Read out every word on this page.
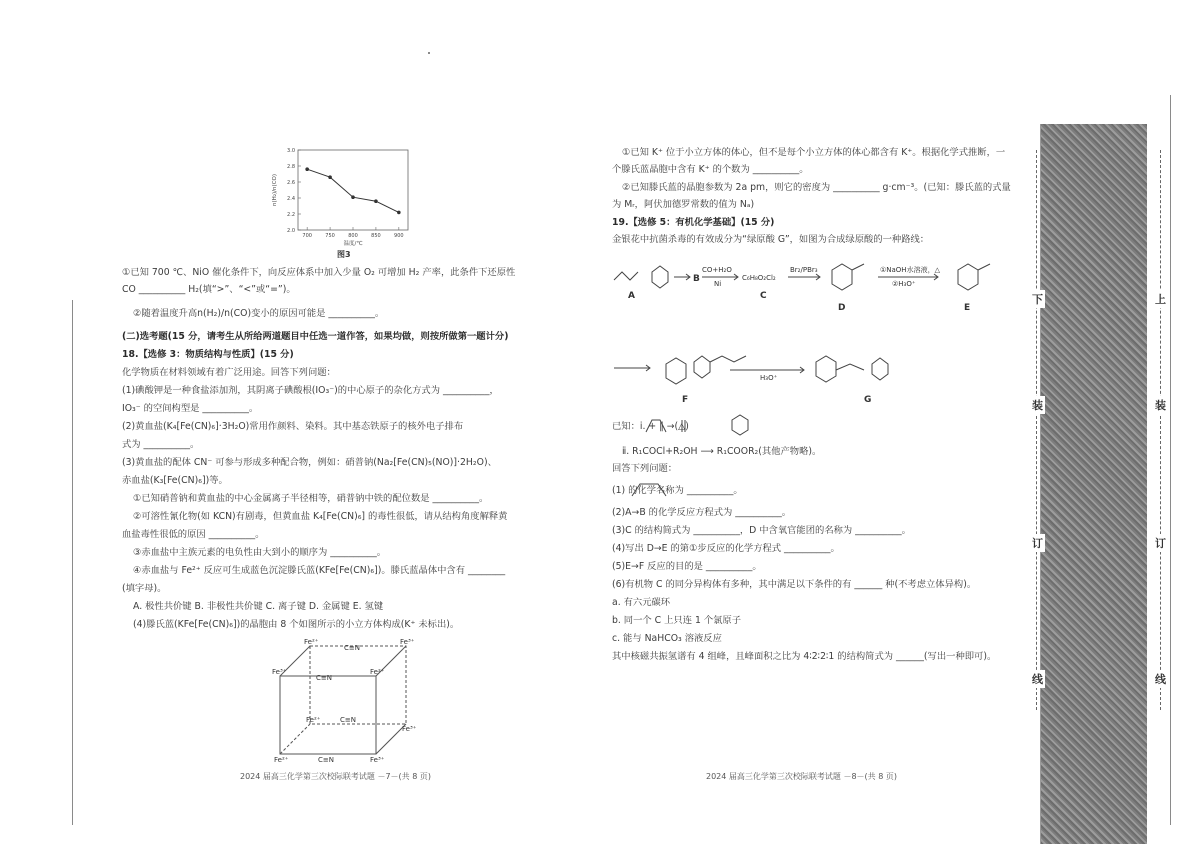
2.0
2.2
2.4
2.6
2.8
3.0
700	750	800	850	900
温度/℃
n(H₂)/n(CO)
图3
①已知 700 ℃、NiO 催化条件下，向反应体系中加入少量 O₂ 可增加 H₂ 产率，此条件下还原性
CO __________ H₂(填“>”、“<”或“=”)。
②随着温度升高n(H₂)/n(CO)变小的原因可能是 __________。
(二)选考题(15 分，请考生从所给两道题目中任选一道作答，如果均做，则按所做第一题计分)
18.【选修 3：物质结构与性质】(15 分)
化学物质在材料领域有着广泛用途。回答下列问题：
(1)碘酸钾是一种食盐添加剂，其阴离子碘酸根(IO₃⁻)的中心原子的杂化方式为 __________，
IO₃⁻ 的空间构型是 __________。
(2)黄血盐(K₄[Fe(CN)₆]·3H₂O)常用作颜料、染料。其中基态铁原子的核外电子排布
式为 __________。
(3)黄血盐的配体 CN⁻ 可参与形成多种配合物，例如：硝普钠(Na₂[Fe(CN)₅(NO)]·2H₂O)、
赤血盐(K₃[Fe(CN)₆])等。
①已知硝普钠和黄血盐的中心金属离子半径相等，硝普钠中铁的配位数是 __________。
②可溶性氰化物(如 KCN)有剧毒，但黄血盐 K₄[Fe(CN)₆] 的毒性很低，请从结构角度解释黄
血盐毒性很低的原因 __________。
③赤血盐中主族元素的电负性由大到小的顺序为 __________。
④赤血盐与 Fe²⁺ 反应可生成蓝色沉淀滕氏蓝(KFe[Fe(CN)₆])。滕氏蓝晶体中含有 ________
(填字母)。
A. 极性共价键 B. 非极性共价键 C. 离子键 D. 金属键 E. 氢键
(4)滕氏蓝(KFe[Fe(CN)₆])的晶胞由 8 个如图所示的小立方体构成(K⁺ 未标出)。
Fe²⁺	Fe³⁺
C≡N
Fe³⁺	Fe²⁺
C≡N
Fe²⁺	C≡N
Fe³⁺
Fe²⁺	C≡N	Fe³⁺
2024 届高三化学第三次校际联考试题 －7－(共 8 页)
①已知 K⁺ 位于小立方体的体心，但不是每个小立方体的体心都含有 K⁺。根据化学式推断，一
个滕氏蓝晶胞中含有 K⁺ 的个数为 __________。
②已知滕氏蓝的晶胞参数为 2a pm，则它的密度为 __________ g·cm⁻³。(已知：滕氏蓝的式量
为 Mᵣ，阿伏加德罗常数的值为 Nₐ)
19.【选修 5：有机化学基础】(15 分)
金银花中抗菌杀毒的有效成分为“绿原酸 G”，如图为合成绿原酸的一种路线：
A
B
CO+H₂O
Ni
C₆H₈O₂Cl₂
C
Br₂/PBr₃
D
①NaOH水溶液，△
②H₃O⁺
E
H₃O⁺
F	G
已知：ⅰ. + ‖ →(△)
ⅱ. R₁COCl+R₂OH ⟶ R₁COOR₂(其他产物略)。
回答下列问题：
(1) 的化学名称为 __________。
(2)A→B 的化学反应方程式为 __________。
(3)C 的结构简式为 __________，D 中含氧官能团的名称为 __________。
(4)写出 D→E 的第①步反应的化学方程式 __________。
(5)E→F 反应的目的是 __________。
(6)有机物 C 的同分异构体有多种，其中满足以下条件的有 ______ 种(不考虑立体异构)。
a. 有六元碳环
b. 同一个 C 上只连 1 个氯原子
c. 能与 NaHCO₃ 溶液反应
其中核磁共振氢谱有 4 组峰，且峰面积之比为 4∶2∶2∶1 的结构简式为 ______(写出一种即可)。
2024 届高三化学第三次校际联考试题 －8－(共 8 页)
下
装
订
线
上
装
订
线
